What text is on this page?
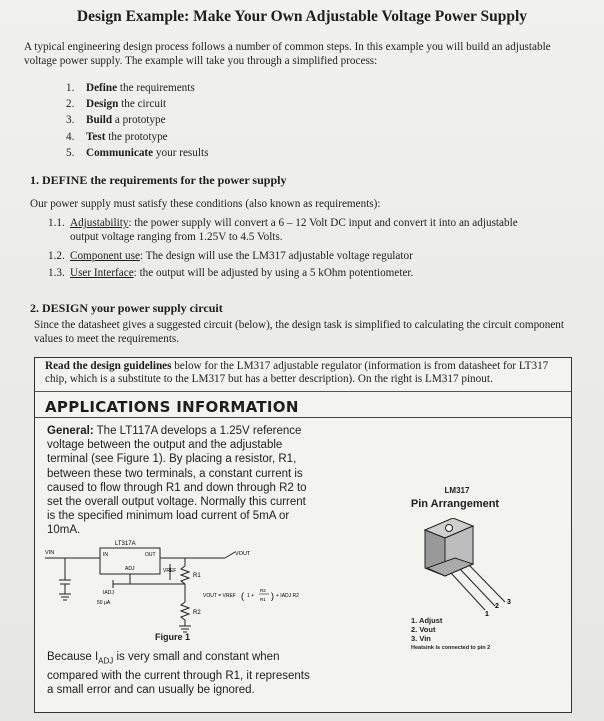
Design Example: Make Your Own Adjustable Voltage Power Supply
A typical engineering design process follows a number of common steps. In this example you will build an adjustable voltage power supply. The example will take you through a simplified process:
1. Define the requirements
2. Design the circuit
3. Build a prototype
4. Test the prototype
5. Communicate your results
1. DEFINE the requirements for the power supply
Our power supply must satisfy these conditions (also known as requirements):
1.1. Adjustability: the power supply will convert a 6 – 12 Volt DC input and convert it into an adjustable
output voltage ranging from 1.25V to 4.5 Volts.
1.2. Component use: The design will use the LM317 adjustable voltage regulator
1.3. User Interface: the output will be adjusted by using a 5 kOhm potentiometer.
2. DESIGN your power supply circuit
Since the datasheet gives a suggested circuit (below), the design task is simplified to calculating the circuit component values to meet the requirements.
Read the design guidelines below for the LM317 adjustable regulator (information is from datasheet for LT317 chip, which is a substitute to the LM317 but has a better description). On the right is LM317 pinout.
APPLICATIONS INFORMATION
General: The LT117A develops a 1.25V reference voltage between the output and the adjustable terminal (see Figure 1). By placing a resistor, R1, between these two terminals, a constant current is caused to flow through R1 and down through R2 to set the overall output voltage. Normally this current is the specified minimum load current of 5mA or 10mA.
VIN
LT317A
IN	OUT
ADJ
VOUT
VREF
R1
R2
IADJ
50 μA
VOUT = VREF ( 1 +
R2
R1 ) + IADJ R2
Figure 1
Because $I_{ADJ}$ is very small and constant when compared with the current through R1, it represents a small error and can usually be ignored.
LM317
Pin Arrangement
1
2
3
1. Adjust
2. Vout
3. Vin
Heatsink is connected to pin 2
